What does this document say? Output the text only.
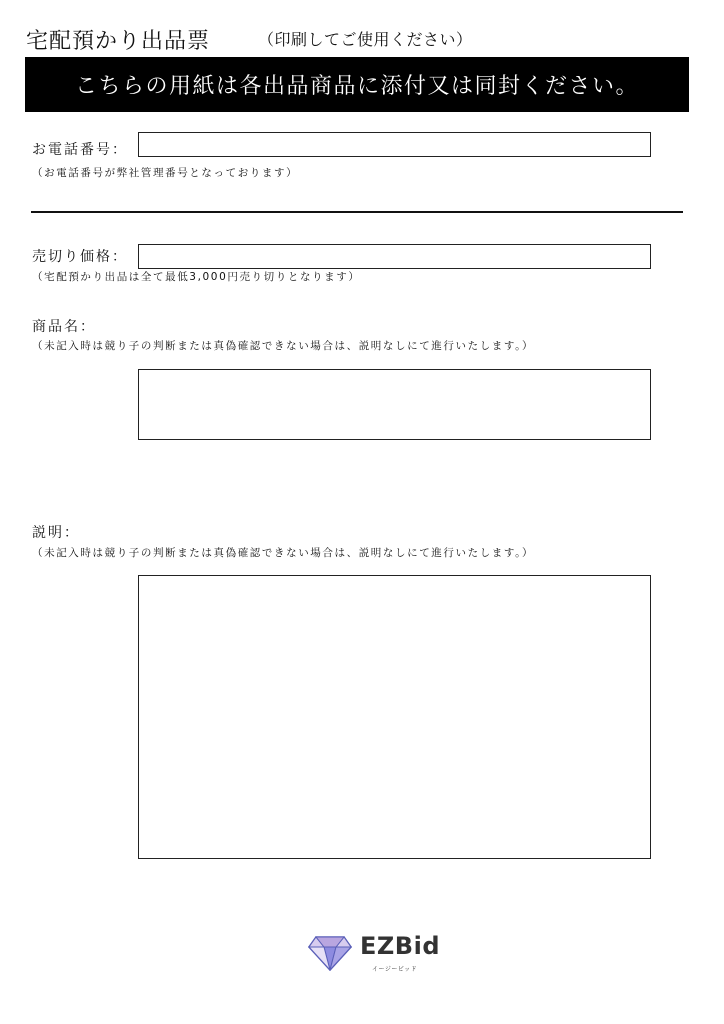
宅配預かり出品票	（印刷してご使用ください）
こちらの用紙は各出品商品に添付又は同封ください。
お電話番号：
（お電話番号が弊社管理番号となっております）
売切り価格：
（宅配預かり出品は全て最低3,000円売り切りとなります）
商品名：
（未記入時は競り子の判断または真偽確認できない場合は、説明なしにて進行いたします。）
説明：
（未記入時は競り子の判断または真偽確認できない場合は、説明なしにて進行いたします。）
EZBid
イージービッド
